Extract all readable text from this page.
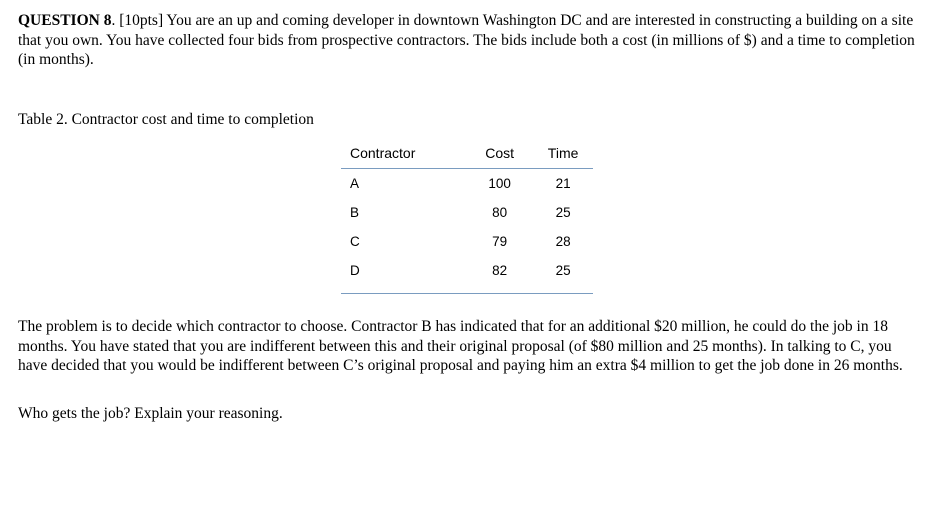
QUESTION 8. [10pts] You are an up and coming developer in downtown Washington DC and are interested in constructing a building on a site that you own. You have collected four bids from prospective contractors. The bids include both a cost (in millions of $) and a time to completion (in months).

Table 2. Contractor cost and time to completion

Contractor	Cost	Time
A	100	21
B	80	25
C	79	28
D	82	25

The problem is to decide which contractor to choose. Contractor B has indicated that for an additional $20 million, he could do the job in 18 months. You have stated that you are indifferent between this and their original proposal (of $80 million and 25 months). In talking to C, you have decided that you would be indifferent between C’s original proposal and paying him an extra $4 million to get the job done in 26 months.

Who gets the job? Explain your reasoning.
